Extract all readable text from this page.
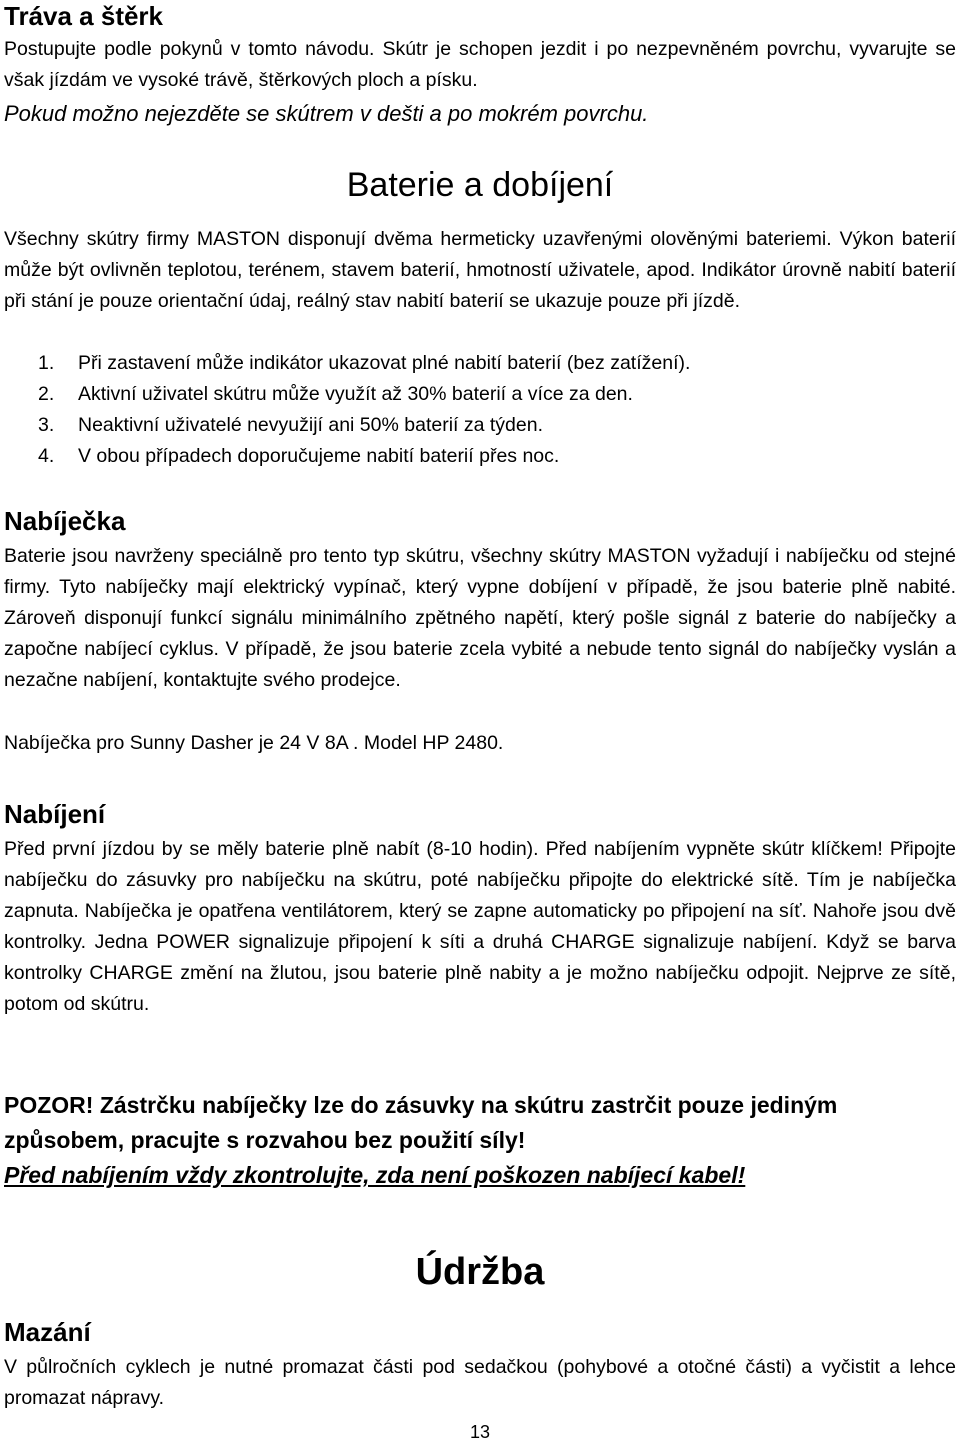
Tráva a štěrk

Postupujte podle pokynů v tomto návodu. Skútr je schopen jezdit i po nezpevněném povrchu, vyvarujte se však jízdám ve vysoké trávě, štěrkových ploch a písku.

Pokud možno nejezděte se skútrem v dešti a po mokrém povrchu.

Baterie a dobíjení

Všechny skútry firmy MASTON disponují dvěma hermeticky uzavřenými olověnými bateriemi. Výkon baterií může být ovlivněn teplotou, terénem, stavem baterií, hmotností uživatele, apod. Indikátor úrovně nabití baterií při stání je pouze orientační údaj, reálný stav nabití baterií se ukazuje pouze při jízdě.

1. Při zastavení může indikátor ukazovat plné nabití baterií (bez zatížení).
2. Aktivní uživatel skútru může využít až 30% baterií a více za den.
3. Neaktivní uživatelé nevyužijí ani 50% baterií za týden.
4. V obou případech doporučujeme nabití baterií přes noc.
Nabíječka

Baterie jsou navrženy speciálně pro tento typ skútru, všechny skútry MASTON vyžadují i nabíječku od stejné firmy. Tyto nabíječky mají elektrický vypínač, který vypne dobíjení v případě, že jsou baterie plně nabité. Zároveň disponují funkcí signálu minimálního zpětného napětí, který pošle signál z baterie do nabíječky a započne nabíjecí cyklus. V případě, že jsou baterie zcela vybité a nebude tento signál do nabíječky vyslán a nezačne nabíjení, kontaktujte svého prodejce.

Nabíječka pro Sunny Dasher je 24 V 8A . Model HP 2480.

Nabíjení

Před první jízdou by se měly baterie plně nabít (8-10 hodin). Před nabíjením vypněte skútr klíčkem! Připojte nabíječku do zásuvky pro nabíječku na skútru, poté nabíječku připojte do elektrické sítě. Tím je nabíječka zapnuta. Nabíječka je opatřena ventilátorem, který se zapne automaticky po připojení na síť. Nahoře jsou dvě kontrolky. Jedna POWER signalizuje připojení k síti a druhá CHARGE signalizuje nabíjení. Když se barva kontrolky CHARGE změní na žlutou, jsou baterie plně nabity a je možno nabíječku odpojit. Nejprve ze sítě, potom od skútru.

POZOR! Zástrčku nabíječky lze do zásuvky na skútru zastrčit pouze jediným způsobem, pracujte s rozvahou bez použití síly!

Před nabíjením vždy zkontrolujte, zda není poškozen nabíjecí kabel!

Údržba
Mazání

V půlročních cyklech je nutné promazat části pod sedačkou (pohybové a otočné části) a vyčistit a lehce promazat nápravy.

13
